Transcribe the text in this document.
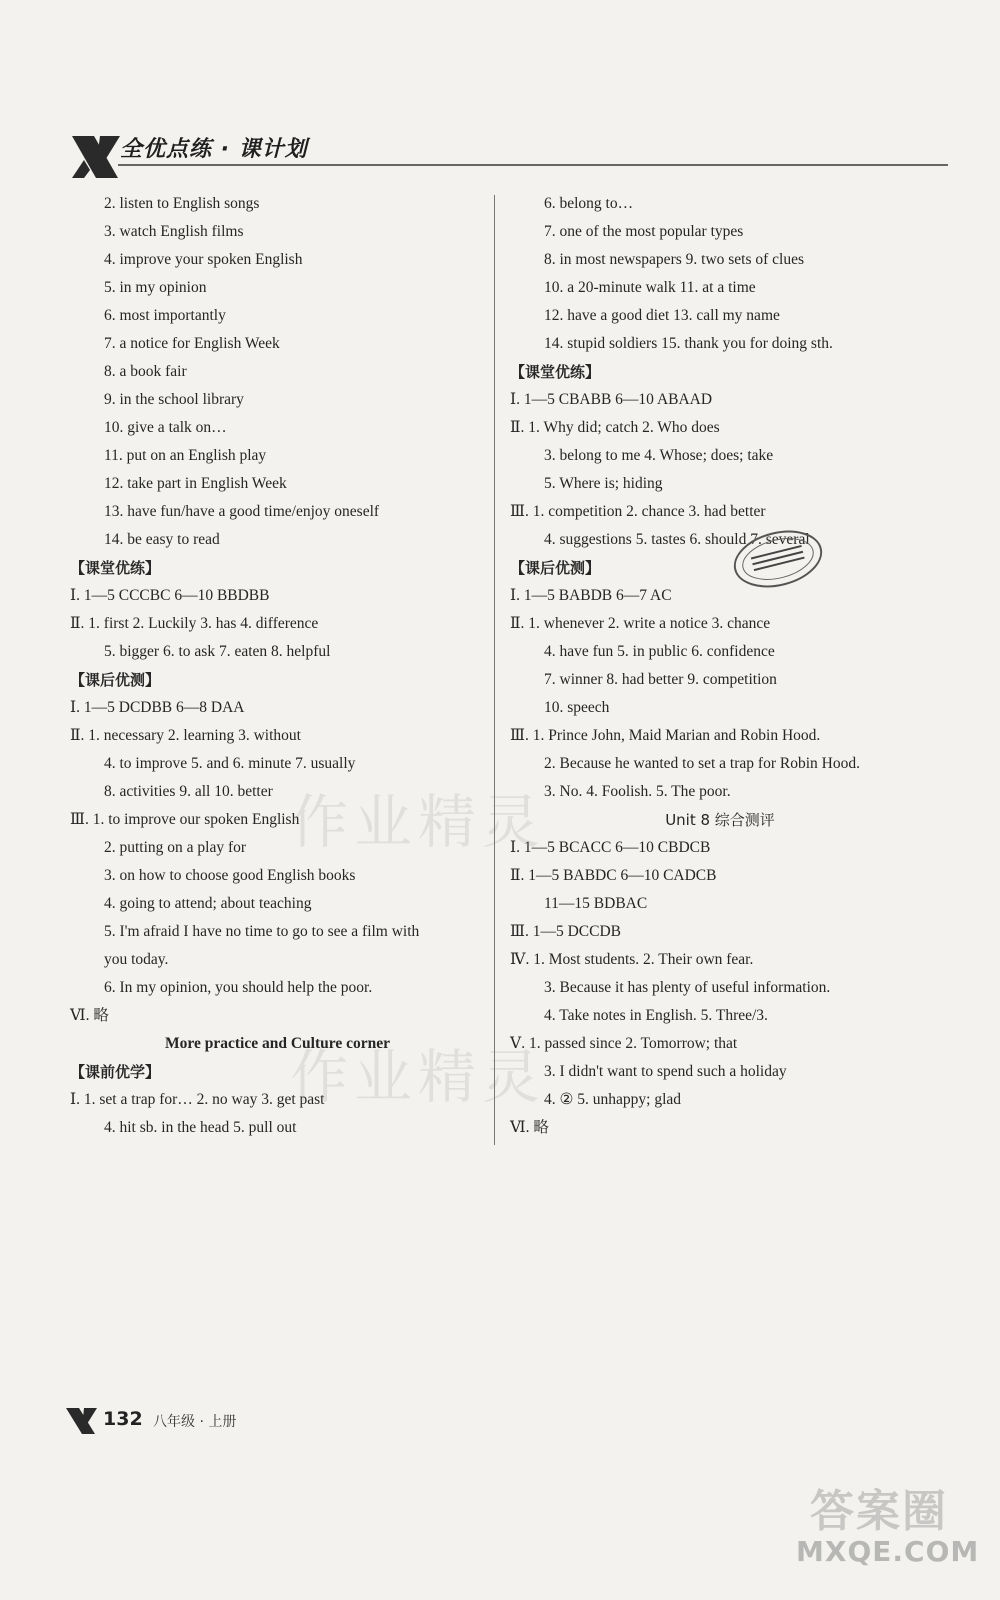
全优点练 · 课计划
2. listen to English songs
3. watch English films
4. improve your spoken English
5. in my opinion
6. most importantly
7. a notice for English Week
8. a book fair
9. in the school library
10. give a talk on…
11. put on an English play
12. take part in English Week
13. have fun/have a good time/enjoy oneself
14. be easy to read
【课堂优练】
Ⅰ. 1—5 CCCBC 6—10 BBDBB
Ⅱ. 1. first 2. Luckily 3. has 4. difference
5. bigger 6. to ask 7. eaten 8. helpful
【课后优测】
Ⅰ. 1—5 DCDBB 6—8 DAA
Ⅱ. 1. necessary 2. learning 3. without
4. to improve 5. and 6. minute 7. usually
8. activities 9. all 10. better
Ⅲ. 1. to improve our spoken English
2. putting on a play for
3. on how to choose good English books
4. going to attend; about teaching
5. I'm afraid I have no time to go to see a film with
you today.
6. In my opinion, you should help the poor.
Ⅵ. 略
More practice and Culture corner
【课前优学】
Ⅰ. 1. set a trap for… 2. no way 3. get past
4. hit sb. in the head 5. pull out
6. belong to…
7. one of the most popular types
8. in most newspapers 9. two sets of clues
10. a 20-minute walk 11. at a time
12. have a good diet 13. call my name
14. stupid soldiers 15. thank you for doing sth.
【课堂优练】
Ⅰ. 1—5 CBABB 6—10 ABAAD
Ⅱ. 1. Why did; catch 2. Who does
3. belong to me 4. Whose; does; take
5. Where is; hiding
Ⅲ. 1. competition 2. chance 3. had better
4. suggestions 5. tastes 6. should 7. several
【课后优测】
Ⅰ. 1—5 BABDB 6—7 AC
Ⅱ. 1. whenever 2. write a notice 3. chance
4. have fun 5. in public 6. confidence
7. winner 8. had better 9. competition
10. speech
Ⅲ. 1. Prince John, Maid Marian and Robin Hood.
2. Because he wanted to set a trap for Robin Hood.
3. No. 4. Foolish. 5. The poor.
Unit 8 综合测评
Ⅰ. 1—5 BCACC 6—10 CBDCB
Ⅱ. 1—5 BABDC 6—10 CADCB
11—15 BDBAC
Ⅲ. 1—5 DCCDB
Ⅳ. 1. Most students. 2. Their own fear.
3. Because it has plenty of useful information.
4. Take notes in English. 5. Three/3.
Ⅴ. 1. passed since 2. Tomorrow; that
3. I didn't want to spend such a holiday
4. ② 5. unhappy; glad
Ⅵ. 略
作业精灵
作业精灵
132 八年级 · 上册
答案圈
MXQE.COM
